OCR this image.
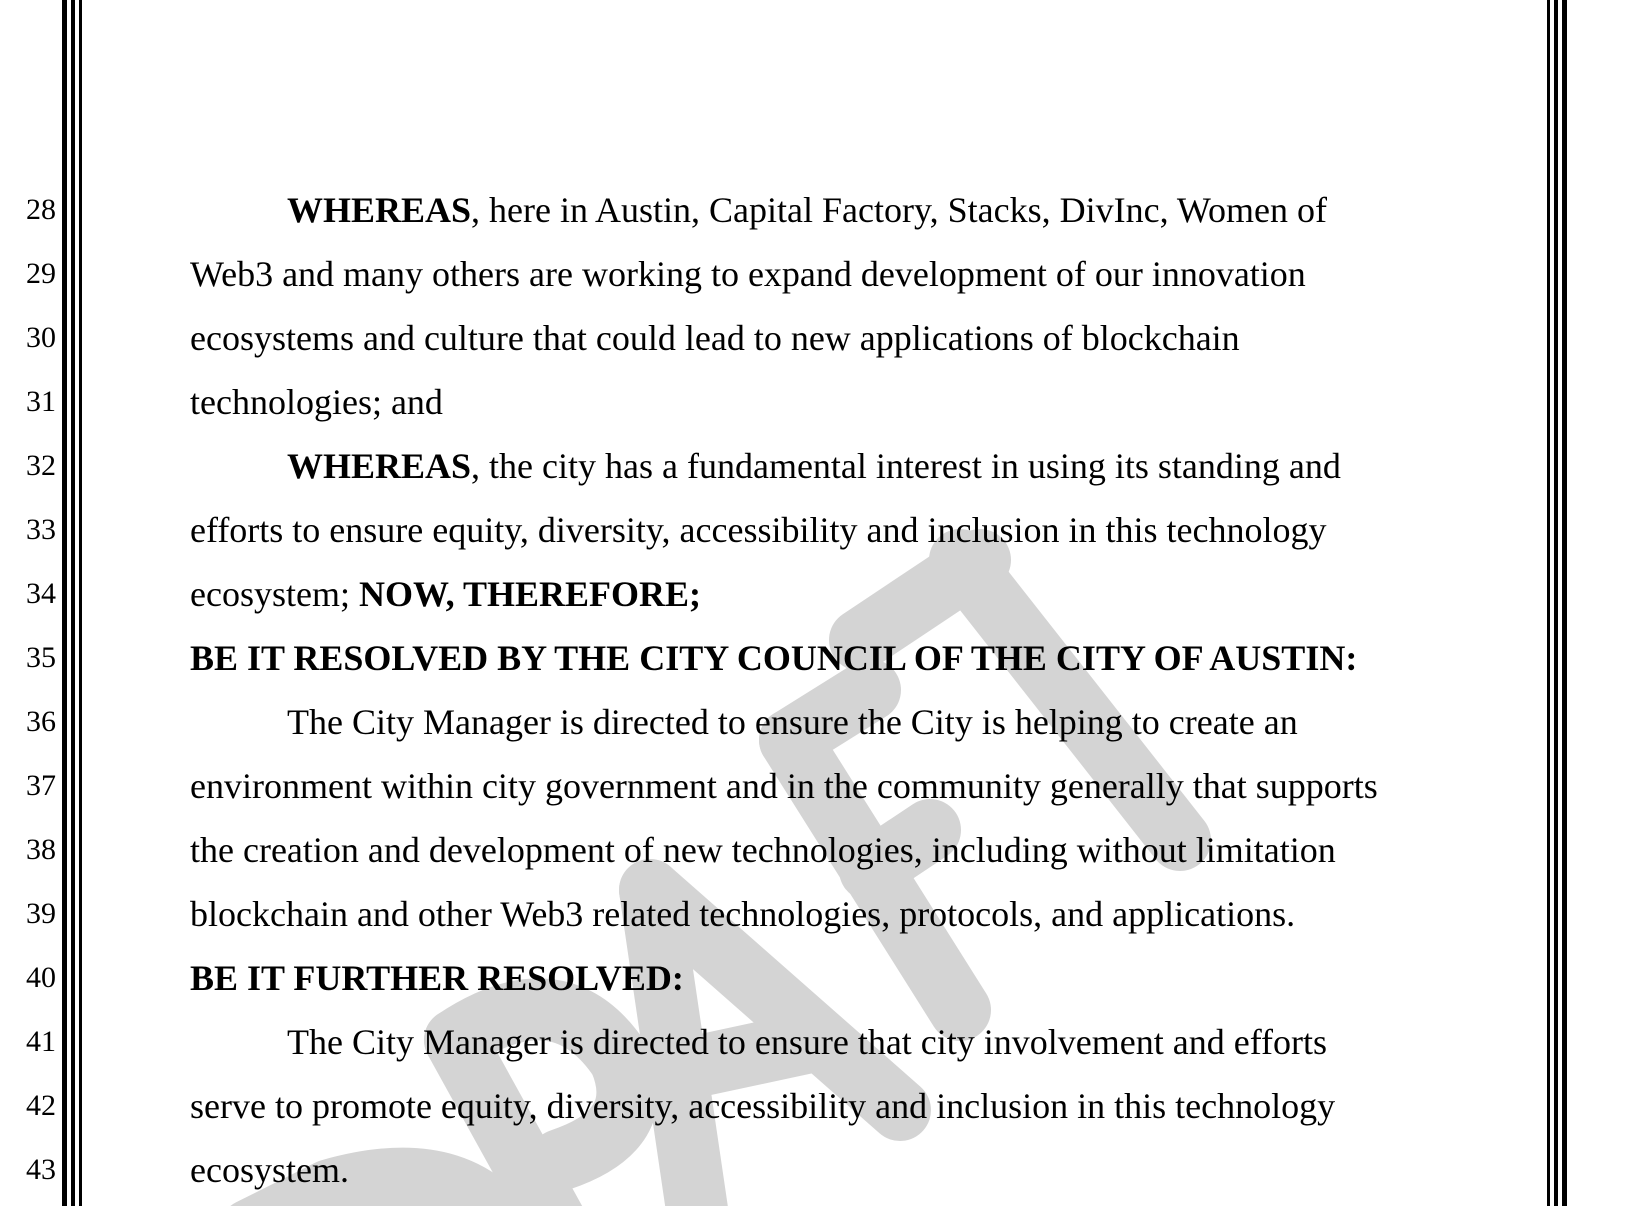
28	WHEREAS, here in Austin, Capital Factory, Stacks, DivInc, Women of
29	Web3 and many others are working to expand development of our innovation
30	ecosystems and culture that could lead to new applications of blockchain
31	technologies; and
32	WHEREAS, the city has a fundamental interest in using its standing and
33	efforts to ensure equity, diversity, accessibility and inclusion in this technology
34	ecosystem; NOW, THEREFORE;
35	BE IT RESOLVED BY THE CITY COUNCIL OF THE CITY OF AUSTIN:
36	The City Manager is directed to ensure the City is helping to create an
37	environment within city government and in the community generally that supports
38	the creation and development of new technologies, including without limitation
39	blockchain and other Web3 related technologies, protocols, and applications.
40	BE IT FURTHER RESOLVED:
41	The City Manager is directed to ensure that city involvement and efforts
42	serve to promote equity, diversity, accessibility and inclusion in this technology
43	ecosystem.
